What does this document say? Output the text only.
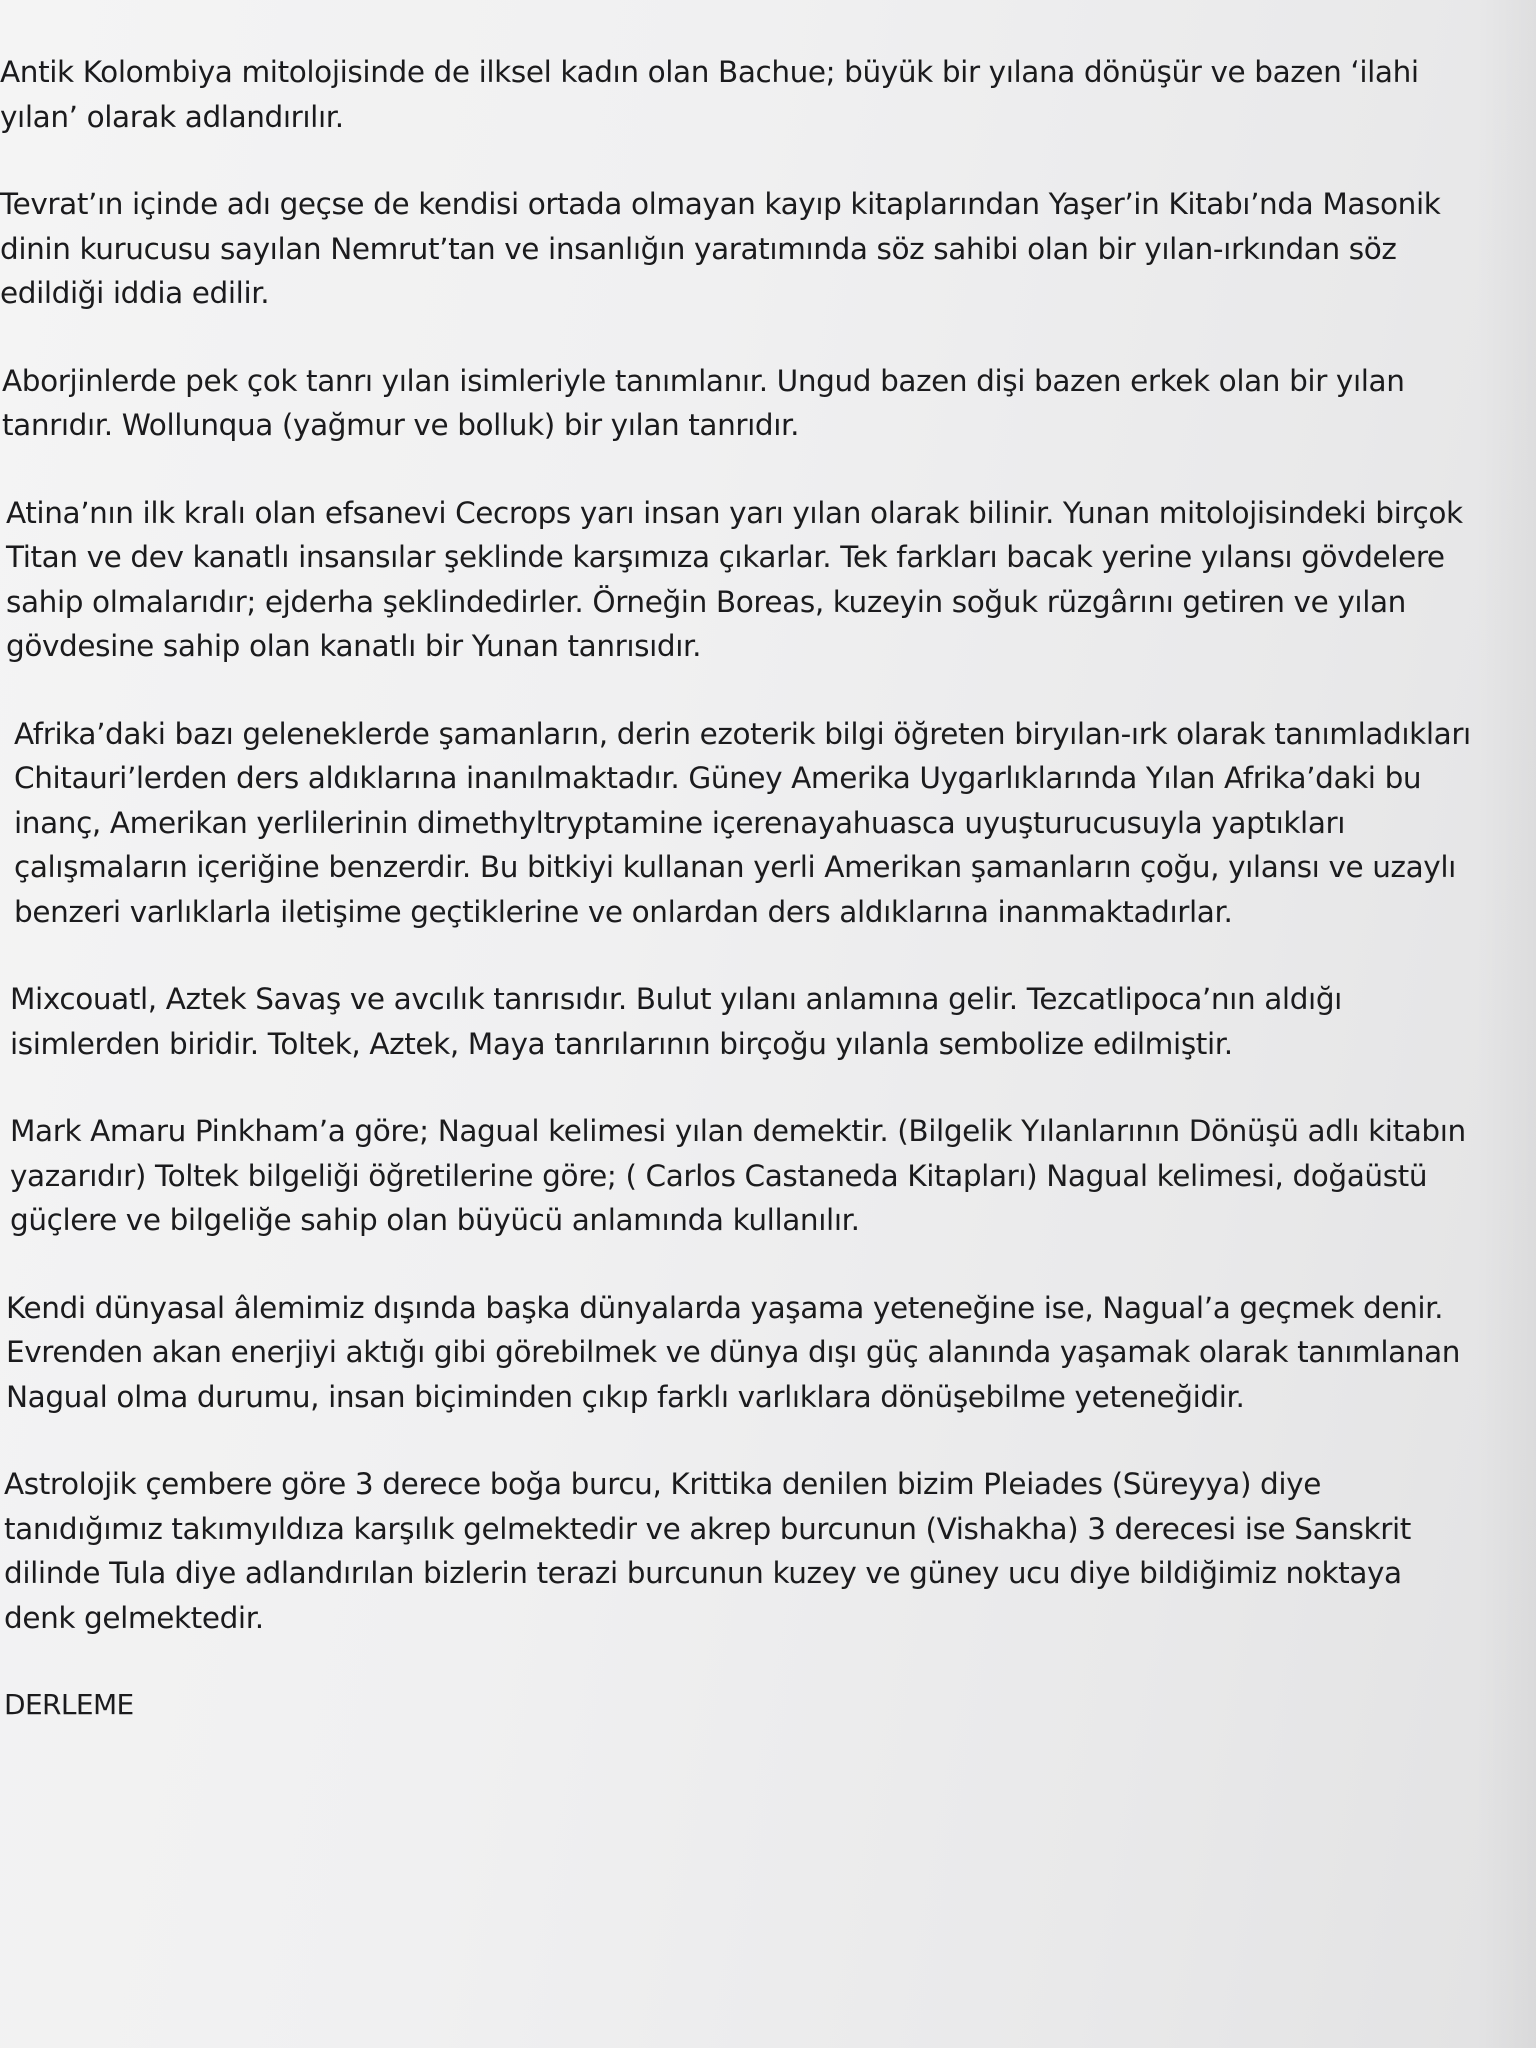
Antik Kolombiya mitolojisinde de ilksel kadın olan Bachue; büyük bir yılana dönüşür ve bazen ‘ilahi
yılan’ olarak adlandırılır.
Tevrat’ın içinde adı geçse de kendisi ortada olmayan kayıp kitaplarından Yaşer’in Kitabı’nda Masonik
dinin kurucusu sayılan Nemrut’tan ve insanlığın yaratımında söz sahibi olan bir yılan-ırkından söz
edildiği iddia edilir.
Aborjinlerde pek çok tanrı yılan isimleriyle tanımlanır. Ungud bazen dişi bazen erkek olan bir yılan
tanrıdır. Wollunqua (yağmur ve bolluk) bir yılan tanrıdır.
Atina’nın ilk kralı olan efsanevi Cecrops yarı insan yarı yılan olarak bilinir. Yunan mitolojisindeki birçok
Titan ve dev kanatlı insansılar şeklinde karşımıza çıkarlar. Tek farkları bacak yerine yılansı gövdelere
sahip olmalarıdır; ejderha şeklindedirler. Örneğin Boreas, kuzeyin soğuk rüzgârını getiren ve yılan
gövdesine sahip olan kanatlı bir Yunan tanrısıdır.
Afrika’daki bazı geleneklerde şamanların, derin ezoterik bilgi öğreten biryılan-ırk olarak tanımladıkları
Chitauri’lerden ders aldıklarına inanılmaktadır. Güney Amerika Uygarlıklarında Yılan Afrika’daki bu
inanç, Amerikan yerlilerinin dimethyltryptamine içerenayahuasca uyuşturucusuyla yaptıkları
çalışmaların içeriğine benzerdir. Bu bitkiyi kullanan yerli Amerikan şamanların çoğu, yılansı ve uzaylı
benzeri varlıklarla iletişime geçtiklerine ve onlardan ders aldıklarına inanmaktadırlar.
Mixcouatl, Aztek Savaş ve avcılık tanrısıdır. Bulut yılanı anlamına gelir. Tezcatlipoca’nın aldığı
isimlerden biridir. Toltek, Aztek, Maya tanrılarının birçoğu yılanla sembolize edilmiştir.
Mark Amaru Pinkham’a göre; Nagual kelimesi yılan demektir. (Bilgelik Yılanlarının Dönüşü adlı kitabın
yazarıdır) Toltek bilgeliği öğretilerine göre; ( Carlos Castaneda Kitapları) Nagual kelimesi, doğaüstü
güçlere ve bilgeliğe sahip olan büyücü anlamında kullanılır.
Kendi dünyasal âlemimiz dışında başka dünyalarda yaşama yeteneğine ise, Nagual’a geçmek denir.
Evrenden akan enerjiyi aktığı gibi görebilmek ve dünya dışı güç alanında yaşamak olarak tanımlanan
Nagual olma durumu, insan biçiminden çıkıp farklı varlıklara dönüşebilme yeteneğidir.
Astrolojik çembere göre 3 derece boğa burcu, Krittika denilen bizim Pleiades (Süreyya) diye
tanıdığımız takımyıldıza karşılık gelmektedir ve akrep burcunun (Vishakha) 3 derecesi ise Sanskrit
dilinde Tula diye adlandırılan bizlerin terazi burcunun kuzey ve güney ucu diye bildiğimiz noktaya
denk gelmektedir.
DERLEME
